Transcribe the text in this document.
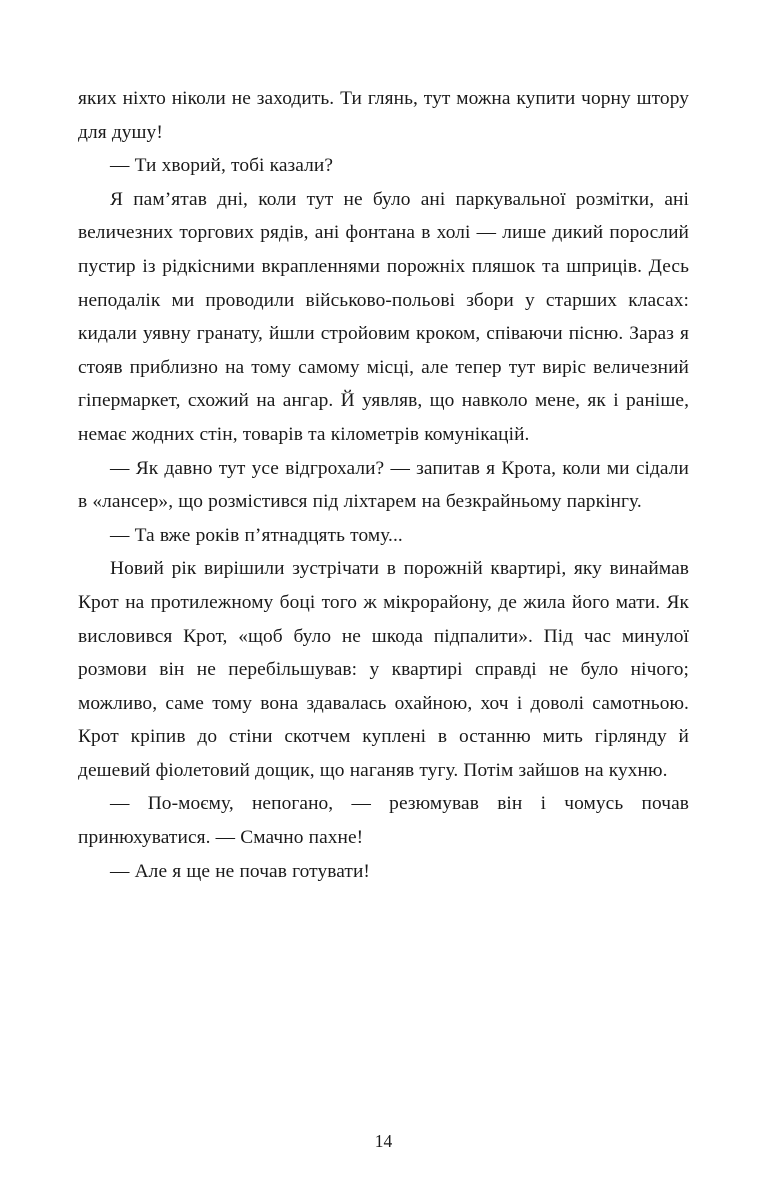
яких ніхто ніколи не заходить. Ти глянь, тут можна купити чорну штору для душу!

— Ти хворий, тобі казали?

Я пам’ятав дні, коли тут не було ані паркувальної розмітки, ані величезних торгових рядів, ані фонтана в холі — лише дикий порослий пустир із рідкісними вкрапленнями порожніх пляшок та шприців. Десь неподалік ми проводили військово-польові збори у старших класах: кидали уявну гранату, йшли стройовим кроком, співаючи пісню. Зараз я стояв приблизно на тому самому місці, але тепер тут виріс величезний гіпермаркет, схожий на ангар. Й уявляв, що навколо мене, як і раніше, немає жодних стін, товарів та кілометрів комунікацій.

— Як давно тут усе відгрохали? — запитав я Крота, коли ми сідали в «лансер», що розмістився під ліхтарем на безкрайньому паркінгу.

— Та вже років п’ятнадцять тому...

Новий рік вирішили зустрічати в порожній квартирі, яку винаймав Крот на протилежному боці того ж мікрорайону, де жила його мати. Як висловився Крот, «щоб було не шкода підпалити». Під час минулої розмови він не перебільшував: у квартирі справді не було нічого; можливо, саме тому вона здавалась охайною, хоч і доволі самотньою. Крот кріпив до стіни скотчем куплені в останню мить гірлянду й дешевий фіолетовий дощик, що наганяв тугу. Потім зайшов на кухню.

— По-моєму, непогано, — резюмував він і чомусь почав принюхуватися. — Смачно пахне!

— Але я ще не почав готувати!

14
